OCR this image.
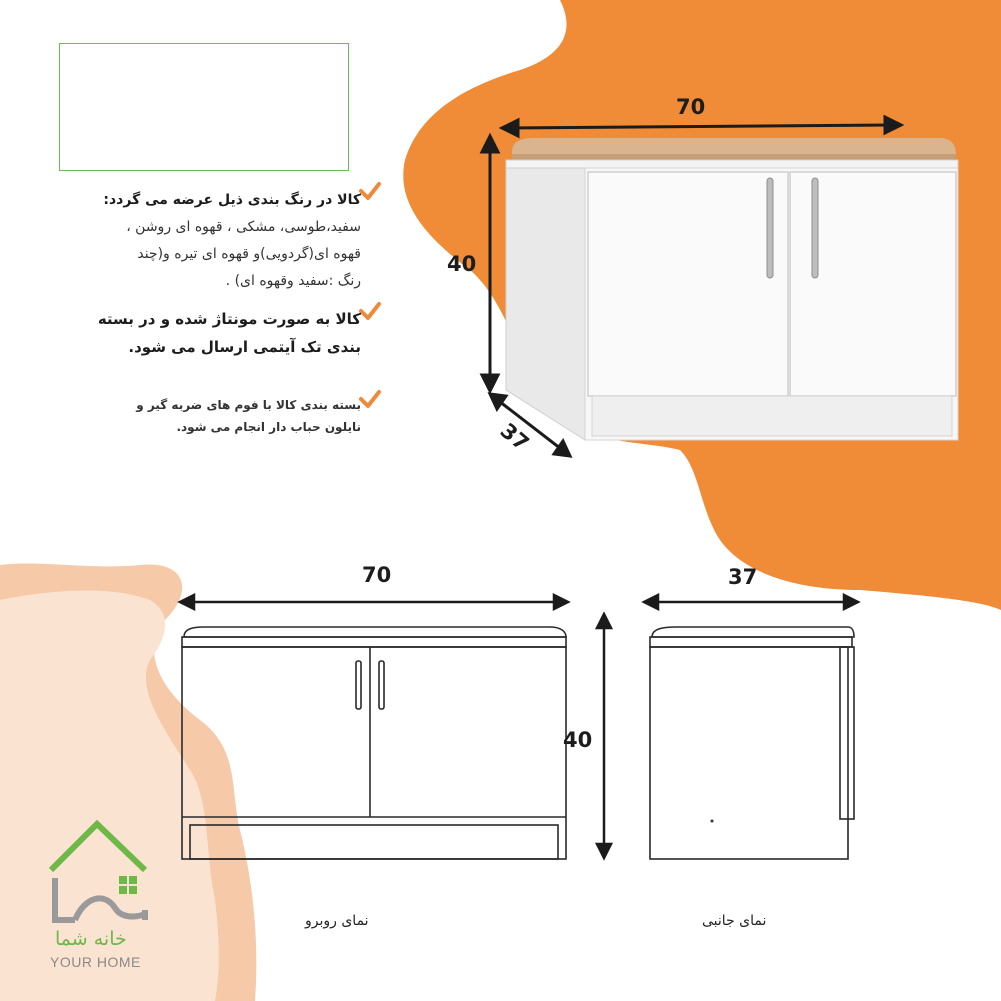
کالا در رنگ بندی ذیل عرضه می گردد:
سفید،طوسی، مشکی ، قهوه ای روشن ،
قهوه ای(گردویی)و قهوه ای تیره و(چند
رنگ :سفید وقهوه ای) .
کالا به صورت مونتاژ شده و در بسته
بندی تک آیتمی ارسال می شود.
بسته بندی کالا با فوم های ضربه گیر و
نایلون حباب دار انجام می شود.
70
40
37
70
40
37
نمای روبرو	نمای جانبی
خانه شما
YOUR HOME
